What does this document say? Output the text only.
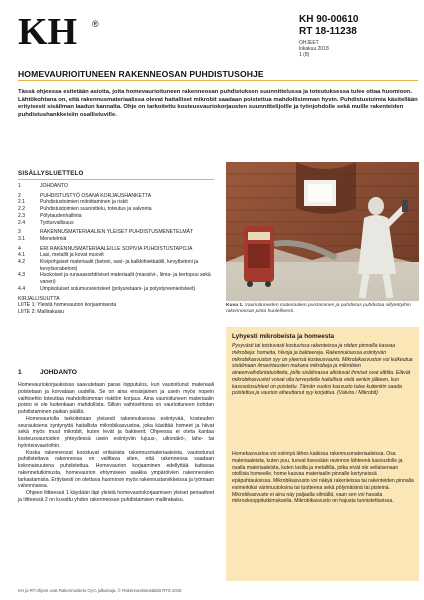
KH ®	KH 90-00610
RT 18-11238
OHJEET
lokakuu 2018
1 (8)
HOMEVAURIOITUNEEN RAKENNEOSAN PUHDISTUSOHJE
Tässä ohjeessa esitetään asioita, joita homevaurioituneen rakenneosan puhdistuksen suunnittelussa ja toteutuksessa tulee ottaa huomioon. Lähtökohtana on, että rakennusmateriaalissa olevat haitalliset mikrobit saadaan poistettua mahdollisimman hyvin. Puhdistustoimia käsitellään erityisesti sisäilman laadun kannalta. Ohje on tarkoitettu kosteusvauriokorjausten suunnittelijoille ja työnjohdolle sekä muille rakenteiden puhdistushankkeisiin osallistuville.
SISÄLLYSLUETTELO
1	JOHDANTO
2	PUHDISTUSTYÖ OSANA KORJAUSHANKETTA
2.1	Puhdistustoimien mitoittaminen ja riskit
2.2	Puhdistustoimien suunnittelu, toteutus ja valvonta
2.3	Pölytaudenhallinta
2.4	Työturvallisuus
3	RAKENNUSMATERIAALIEN YLEISET PUHDISTUSMENETELMÄT
3.1	Menetelmiä
4	ERI RAKENNUSMATERIAALEILLE SOPIVIA PUHDISTUSTAPOJA
4.1	Lasi, metallit ja kovat muovit
4.2	Kivipohjaiset materiaalit (betoni, savi- ja kalkkihiekkatiili, kevytbetoni ja kevytsorabetoni)
4.3	Huokoiset ja runsaasorbtiiviset materiaalit (massiivi-, liima- ja kertopuu sekä vaneri)
4.4	Umpisoluiset solumuovieristeet (polyuretaani- ja polystyreenieristeet)
KIRJALLISUUTTA
LIITE 1: Yleistä homevaurion korjaamisesta
LIITE 2: Mallirakaisu
1	JOHDANTO

Homevauriokorjauksissa saavutetaan paras lopputulos, kun vaurioitunut materiaali poistetaan ja korvataan uudella. Se on aina ensisijainen ja usein myös nopein vaihtoehto toteuttaa mahdollisimman riskitön korjaus. Aina vaurioituneen materiaalin poisto ei ole kuitenkaan mahdollista. Silloin vaihtoehtona on vaurioituneen kohdan puhdistaminen paikan päällä.

Homevauriolla tarkoitetaan yleisesti rakennuksessa esiintyvää, kosteuden seurauksena syntynyttä haitallista mikrobikasvustoa, joka käsittää homeet ja hiivat sekä myös muut mikrobit, kuten levät ja bakteerit. Ohjeessa ei oteta kantaa kosteusvaurioiden yhteydessä usein esiintyviin lujuus-, ulkonäkö-, laho- tai hyönteisvaurioihin.

Koska rakenneosat koostuvat erilaisista rakennusmateriaaleista, vaurioitunut puhdistettava rakenneosa on valittava siten, että rakenneosa saadaan kokonaisuutena puhdistettua. Homevaurion korjaaminen edellyttää kattavaa rakennetutkimusta, homevaurion ehtymiseen saakka ympäröivien rakenneosien tarkastamista. Erityisesti on otettava huomioon myös rakennustarvikkeissa ja työmaan valvonnassa.

Ohjeen liitteessä 1 käydään läpi yleistä homevauriokorjaamisen yleiset periaatteet ja liitteessä 2 on kuvattu yhden rakenneosan puhdistamisen mallirakaisu.

Kuva 1. Vaurioituneiden materiaalien poistaminen ja puhdistus puhdistaa sillytettyihin rakenneosan pinta huolellisesti.
Lyhyesti mikrobeista ja homeesta
Pysyvästi tai toistuvasti kostuvissa rakenteissa ja niiden pinnoilla kasvaa mikrobeja: homeita, hiivoja ja bakteereja. Rakennuksessa esiintyvän mikrobikasvuston syy on yleensä kosteusvaurio. Mikrobikasvuston voi kulkeutua sisäilmaan ilmavirtausten mukana mikrobeja ja mikrobien aineenvaihduntatuotteita, joille sisäilmassa altistuvat ihmiset ovat alttiita. Elävät mikrobikasvustot voivat olla terveydelle haitallisia vielä senkin jälkeen, kun kasvuolosuhteet on poistettu. Tämän vuoksi kasvusto tulee kuitenkin saada poistettua ja vaurion aiheuttanut syy korjattua. (Valvira / Mikrobit)
Homekasvustoa voi esiintyä lähes kaikissa rakennusmateriaaleissa. Osa materiaaleista, kuten puu, tuovat itsessään ravinnon lähteenä kasvustolle ja osalla materiaaleista, kuten lasilla ja metallilla, jotka eivät ole sellaisenaan otollisia homeelle, home kasvaa materiaalin pinnalle kertyneissä epäpuhtauksissa. Mikrobikasvusto voi näkyä rakenteissa tai rakenteiden pinnalla esimerkiksi värimuutoksina tai tuotteena sekä pölymäisinä tai pisteinä. Mikrobikasvusto ei aina näy paljaalla silmällä, vaan sen voi havaita mikroskooppitutkimuksella. Mikrobikasvusto on hajusta tunnistettavissa.
KH ja RT-ohjeet ovat Rakennustieto Oy:n julkaisuja. © Rakennustietosäätiö RTS 2018
